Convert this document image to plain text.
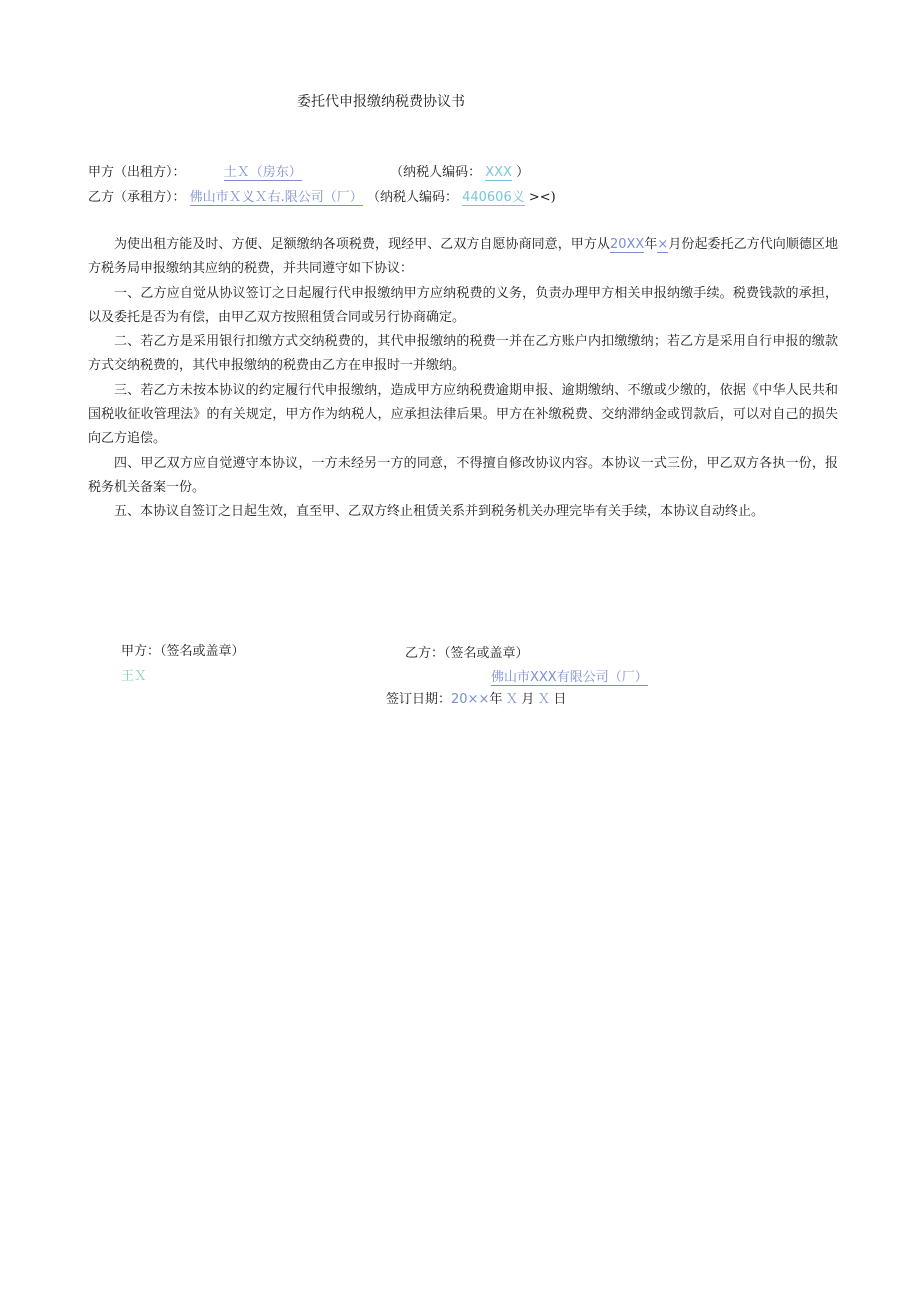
委托代申报缴纳税费协议书
甲方（出租方）：	土Ｘ（房东）	（纳税人编码： XXX ）
乙方（承租方）： 佛山市Ｘ义Ｘ右.限公司（厂） （纳税人编码： 440606义 ><)

为使出租方能及时、方便、足额缴纳各项税费，现经甲、乙双方自愿协商同意，甲方从20XX年×月份起委托乙方代向顺德区地方税务局申报缴纳其应纳的税费，并共同遵守如下协议：

一、乙方应自觉从协议签订之日起履行代申报缴纳甲方应纳税费的义务，负责办理甲方相关申报纳缴手续。税费钱款的承担，以及委托是否为有偿，由甲乙双方按照租赁合同或另行协商确定。

二、若乙方是采用银行扣缴方式交纳税费的，其代申报缴纳的税费一并在乙方账户内扣缴缴纳；若乙方是采用自行申报的缴款方式交纳税费的，其代申报缴纳的税费由乙方在申报时一并缴纳。

三、若乙方未按本协议的约定履行代申报缴纳，造成甲方应纳税费逾期申报、逾期缴纳、不缴或少缴的，依据《中华人民共和国税收征收管理法》的有关规定，甲方作为纳税人，应承担法律后果。甲方在补缴税费、交纳滞纳金或罚款后，可以对自己的损失向乙方追偿。

四、甲乙双方应自觉遵守本协议，一方未经另一方的同意，不得擅自修改协议内容。本协议一式三份，甲乙双方各执一份，报税务机关备案一份。

五、本协议自签订之日起生效，直至甲、乙双方终止租赁关系并到税务机关办理完毕有关手续，本协议自动终止。

甲方：（签名或盖章）
王Ｘ
乙方：（签名或盖章）
佛山市XXX有限公司（厂）
签订日期：20××年 Ｘ 月 Ｘ 日
